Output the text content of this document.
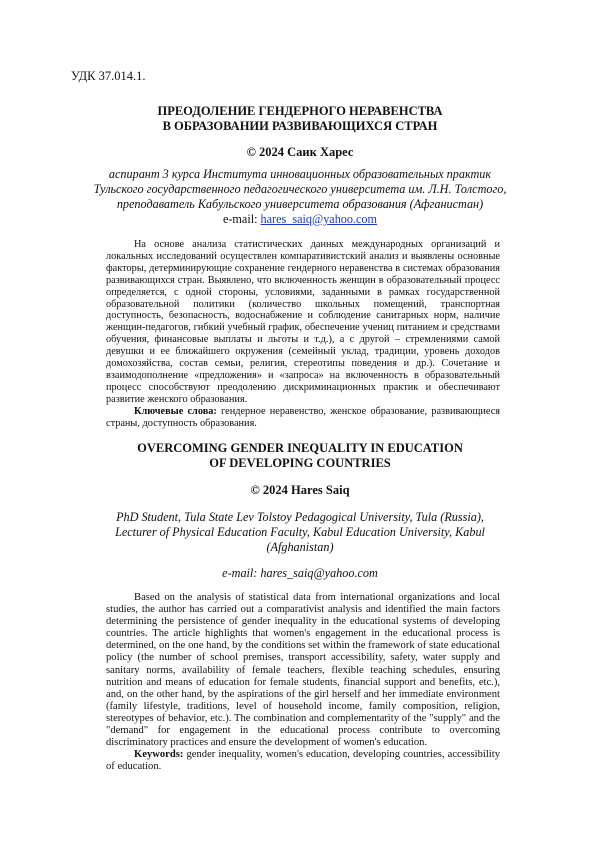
УДК 37.014.1.
ПРЕОДОЛЕНИЕ ГЕНДЕРНОГО НЕРАВЕНСТВА
В ОБРАЗОВАНИИ РАЗВИВАЮЩИХСЯ СТРАН
© 2024 Саик Харес
аспирант 3 курса Института инновационных образовательных практик
Тульского государственного педагогического университета им. Л.Н. Толстого,
преподаватель Кабульского университета образования (Афганистан)
e-mail: hares_saiq@yahoo.com

На основе анализа статистических данных международных организаций и локальных исследований осуществлен компаративистский анализ и выявлены основные факторы, детерминирующие сохранение гендерного неравенства в системах образования развивающихся стран. Выявлено, что включенность женщин в образовательный процесс определяется, с одной стороны, условиями, заданными в рамках государственной образовательной политики (количество школьных помещений, транспортная доступность, безопасность, водоснабжение и соблюдение санитарных норм, наличие женщин-педагогов, гибкий учебный график, обеспечение учениц питанием и средствами обучения, финансовые выплаты и льготы и т.д.), а с другой – стремлениями самой девушки и ее ближайшего окружения (семейный уклад, традиции, уровень доходов домохозяйства, состав семьи, религия, стереотипы поведения и др.). Сочетание и взаимодополнение «предложения» и «запроса» на включенность в образовательный процесс способствуют преодолению дискриминационных практик и обеспечивают развитие женского образования.

Ключевые слова: гендерное неравенство, женское образование, развивающиеся страны, доступность образования.

OVERCOMING GENDER INEQUALITY IN EDUCATION
OF DEVELOPING COUNTRIES
© 2024 Hares Saiq
PhD Student, Tula State Lev Tolstoy Pedagogical University, Tula (Russia),
Lecturer of Physical Education Faculty, Kabul Education University, Kabul
(Afghanistan)
e-mail: hares_saiq@yahoo.com

Based on the analysis of statistical data from international organizations and local studies, the author has carried out a comparativist analysis and identified the main factors determining the persistence of gender inequality in the educational systems of developing countries. The article highlights that women's engagement in the educational process is determined, on the one hand, by the conditions set within the framework of state educational policy (the number of school premises, transport accessibility, safety, water supply and sanitary norms, availability of female teachers, flexible teaching schedules, ensuring nutrition and means of education for female students, financial support and benefits, etc.), and, on the other hand, by the aspirations of the girl herself and her immediate environment (family lifestyle, traditions, level of household income, family composition, religion, stereotypes of behavior, etc.). The combination and complementarity of the "supply" and the "demand" for engagement in the educational process contribute to overcoming discriminatory practices and ensure the development of women's education.

Keywords: gender inequality, women's education, developing countries, accessibility of education.
